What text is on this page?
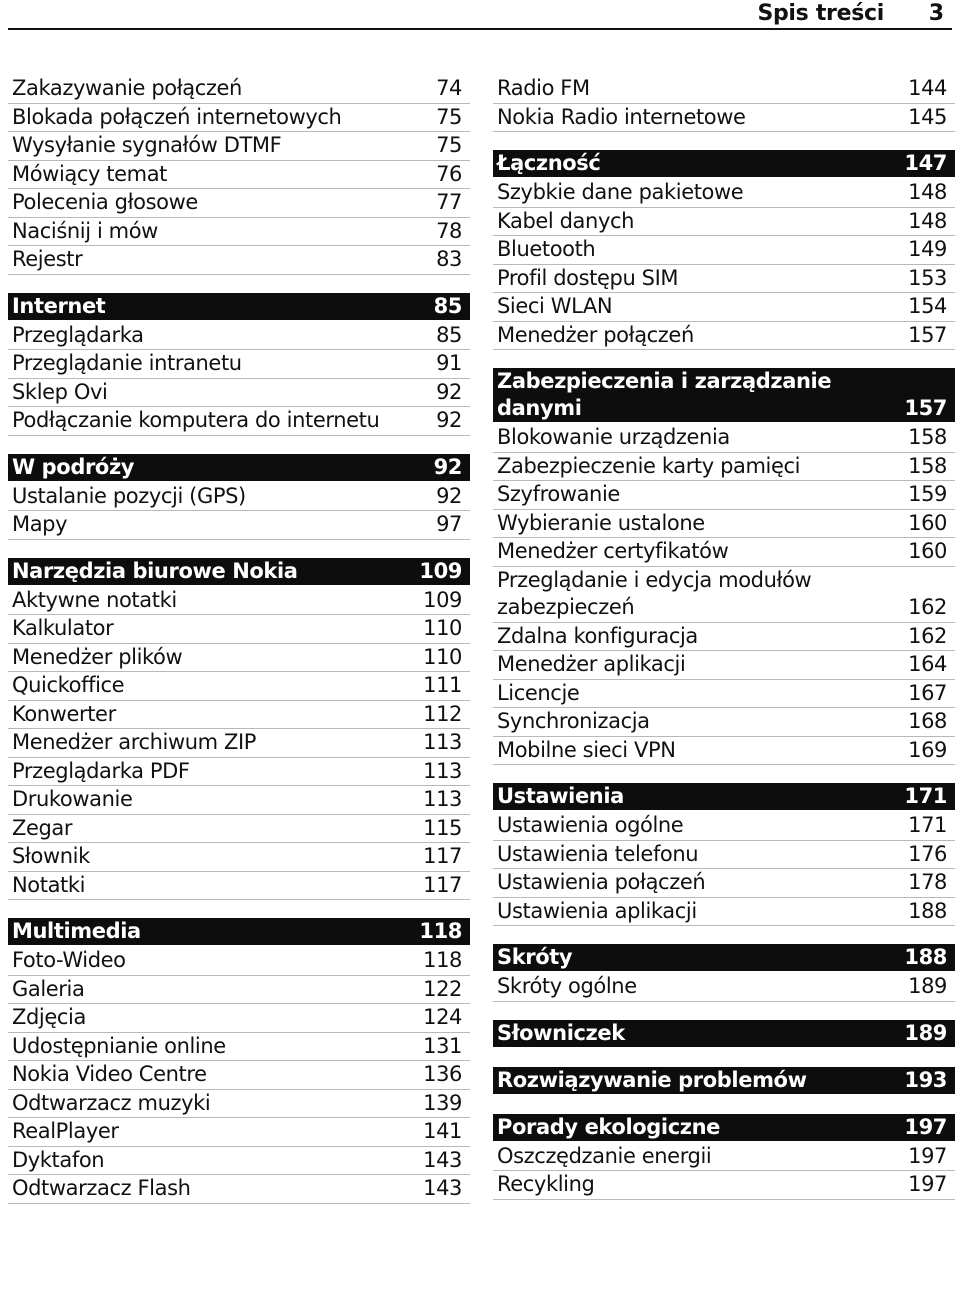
Spis treści 3
Zakazywanie połączeń	74
Blokada połączeń internetowych	75
Wysyłanie sygnałów DTMF	75
Mówiący temat	76
Polecenia głosowe	77
Naciśnij i mów	78
Rejestr	83
Internet	85
Przeglądarka	85
Przeglądanie intranetu	91
Sklep Ovi	92
Podłączanie komputera do internetu	92
W podróży	92
Ustalanie pozycji (GPS)	92
Mapy	97
Narzędzia biurowe Nokia	109
Aktywne notatki	109
Kalkulator	110
Menedżer plików	110
Quickoffice	111
Konwerter	112
Menedżer archiwum ZIP	113
Przeglądarka PDF	113
Drukowanie	113
Zegar	115
Słownik	117
Notatki	117
Multimedia	118
Foto-Wideo	118
Galeria	122
Zdjęcia	124
Udostępnianie online	131
Nokia Video Centre	136
Odtwarzacz muzyki	139
RealPlayer	141
Dyktafon	143
Odtwarzacz Flash	143
Radio FM	144
Nokia Radio internetowe	145
Łączność	147
Szybkie dane pakietowe	148
Kabel danych	148
Bluetooth	149
Profil dostępu SIM	153
Sieci WLAN	154
Menedżer połączeń	157
Zabezpieczenia i zarządzanie danymi	157
Blokowanie urządzenia	158
Zabezpieczenie karty pamięci	158
Szyfrowanie	159
Wybieranie ustalone	160
Menedżer certyfikatów	160
Przeglądanie i edycja modułów zabezpieczeń	162
Zdalna konfiguracja	162
Menedżer aplikacji	164
Licencje	167
Synchronizacja	168
Mobilne sieci VPN	169
Ustawienia	171
Ustawienia ogólne	171
Ustawienia telefonu	176
Ustawienia połączeń	178
Ustawienia aplikacji	188
Skróty	188
Skróty ogólne	189
Słowniczek	189
Rozwiązywanie problemów	193
Porady ekologiczne	197
Oszczędzanie energii	197
Recykling	197
